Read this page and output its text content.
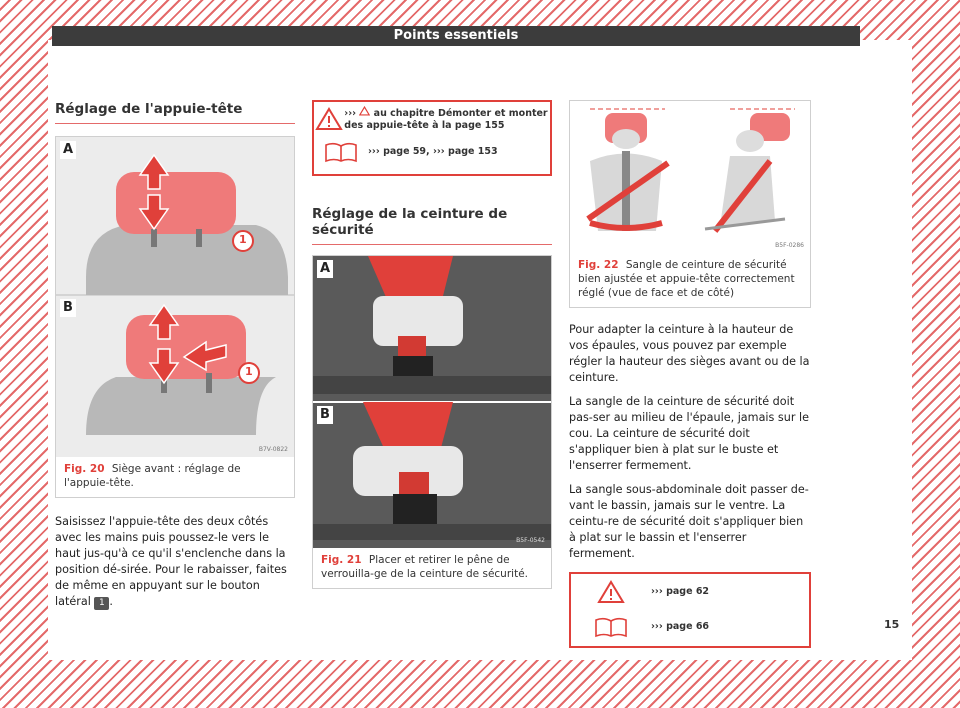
Points essentiels
Réglage de l'appuie-tête
A
B
1
1
B7V-0822
Fig. 20 Siège avant : réglage de l'appuie-tête.

Saisissez l'appuie-tête des deux côtés avec les mains puis poussez-le vers le haut jus-qu'à ce qu'il s'enclenche dans la position dé-sirée. Pour le rabaisser, faites de même en appuyant sur le bouton latéral 1 .

››› au chapitre Démonter et monter des appuie-tête à la page 155
››› page 59, ››› page 153
Réglage de la ceinture de sécurité
A
B
B5F-0542
Fig. 21 Placer et retirer le pêne de verrouilla-ge de la ceinture de sécurité.
B5F-0286
Fig. 22 Sangle de ceinture de sécurité bien ajustée et appuie-tête correctement réglé (vue de face et de côté)

Pour adapter la ceinture à la hauteur de vos épaules, vous pouvez par exemple régler la hauteur des sièges avant ou de la ceinture.

La sangle de la ceinture de sécurité doit pas-ser au milieu de l'épaule, jamais sur le cou. La ceinture de sécurité doit s'appliquer bien à plat sur le buste et l'enserrer fermement.

La sangle sous-abdominale doit passer de-vant le bassin, jamais sur le ventre. La ceintu-re de sécurité doit s'appliquer bien à plat sur le bassin et l'enserrer fermement.

››› page 62
››› page 66	15
